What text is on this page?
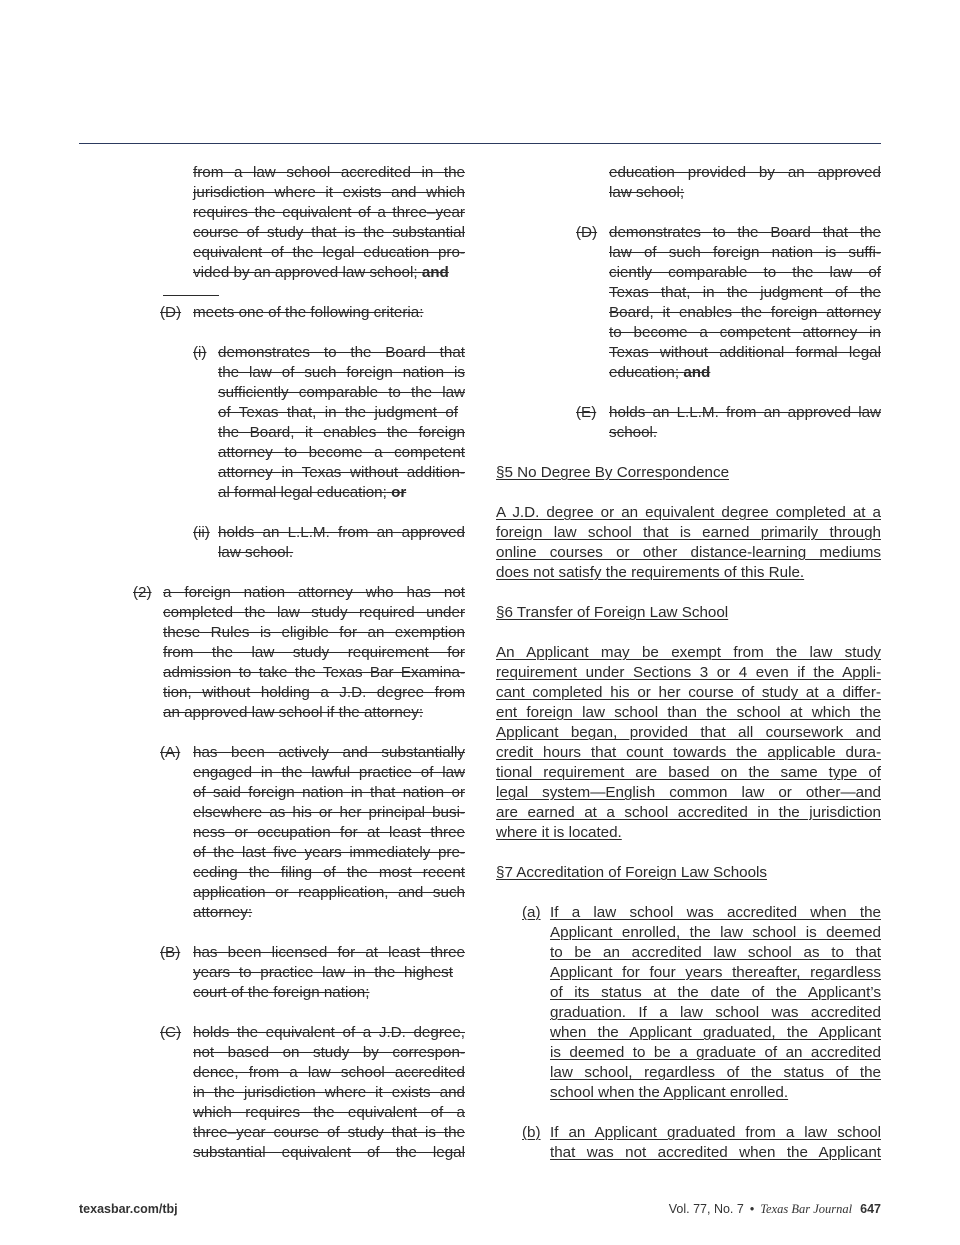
from a law school accredited in the
jurisdiction where it exists and which
requires the equivalent of a three–year
course of study that is the substantial
equivalent of the legal education pro-
vided by an approved law school; and
(D) meets one of the following criteria:
(i) demonstrates to the Board that
the law of such foreign nation is
sufficiently comparable to the law
of Texas that, in the judgment of
the Board, it enables the foreign
attorney to become a competent
attorney in Texas without addition-
al formal legal education; or
(ii) holds an L.L.M. from an approved
law school.
(2) a foreign nation attorney who has not
completed the law study required under
these Rules is eligible for an exemption
from the law study requirement for
admission to take the Texas Bar Examina-
tion, without holding a J.D. degree from
an approved law school if the attorney:
(A) has been actively and substantially
engaged in the lawful practice of law
of said foreign nation in that nation or
elsewhere as his or her principal busi-
ness or occupation for at least three
of the last five years immediately pre-
ceding the filing of the most recent
application or reapplication, and such
attorney:
(B) has been licensed for at least three
years to practice law in the highest
court of the foreign nation;
(C) holds the equivalent of a J.D. degree,
not based on study by correspon-
dence, from a law school accredited
in the jurisdiction where it exists and
which requires the equivalent of a
three–year course of study that is the
substantial equivalent of the legal
education provided by an approved
law school;
(D) demonstrates to the Board that the
law of such foreign nation is suffi-
ciently comparable to the law of
Texas that, in the judgment of the
Board, it enables the foreign attorney
to become a competent attorney in
Texas without additional formal legal
education; and
(E) holds an L.L.M. from an approved law
school.
§5 No Degree By Correspondence
A J.D. degree or an equivalent degree completed at a
foreign law school that is earned primarily through
online courses or other distance-learning mediums
does not satisfy the requirements of this Rule.
§6 Transfer of Foreign Law School
An Applicant may be exempt from the law study
requirement under Sections 3 or 4 even if the Appli-
cant completed his or her course of study at a differ-
ent foreign law school than the school at which the
Applicant began, provided that all coursework and
credit hours that count towards the applicable dura-
tional requirement are based on the same type of
legal system—English common law or other—and
are earned at a school accredited in the jurisdiction
where it is located.
§7 Accreditation of Foreign Law Schools
(a) If a law school was accredited when the
Applicant enrolled, the law school is deemed
to be an accredited law school as to that
Applicant for four years thereafter, regardless
of its status at the date of the Applicant’s
graduation. If a law school was accredited
when the Applicant graduated, the Applicant
is deemed to be a graduate of an accredited
law school, regardless of the status of the
school when the Applicant enrolled.
(b) If an Applicant graduated from a law school
that was not accredited when the Applicant
texasbar.com/tbj	Vol. 77, No. 7 • Texas Bar Journal 647
